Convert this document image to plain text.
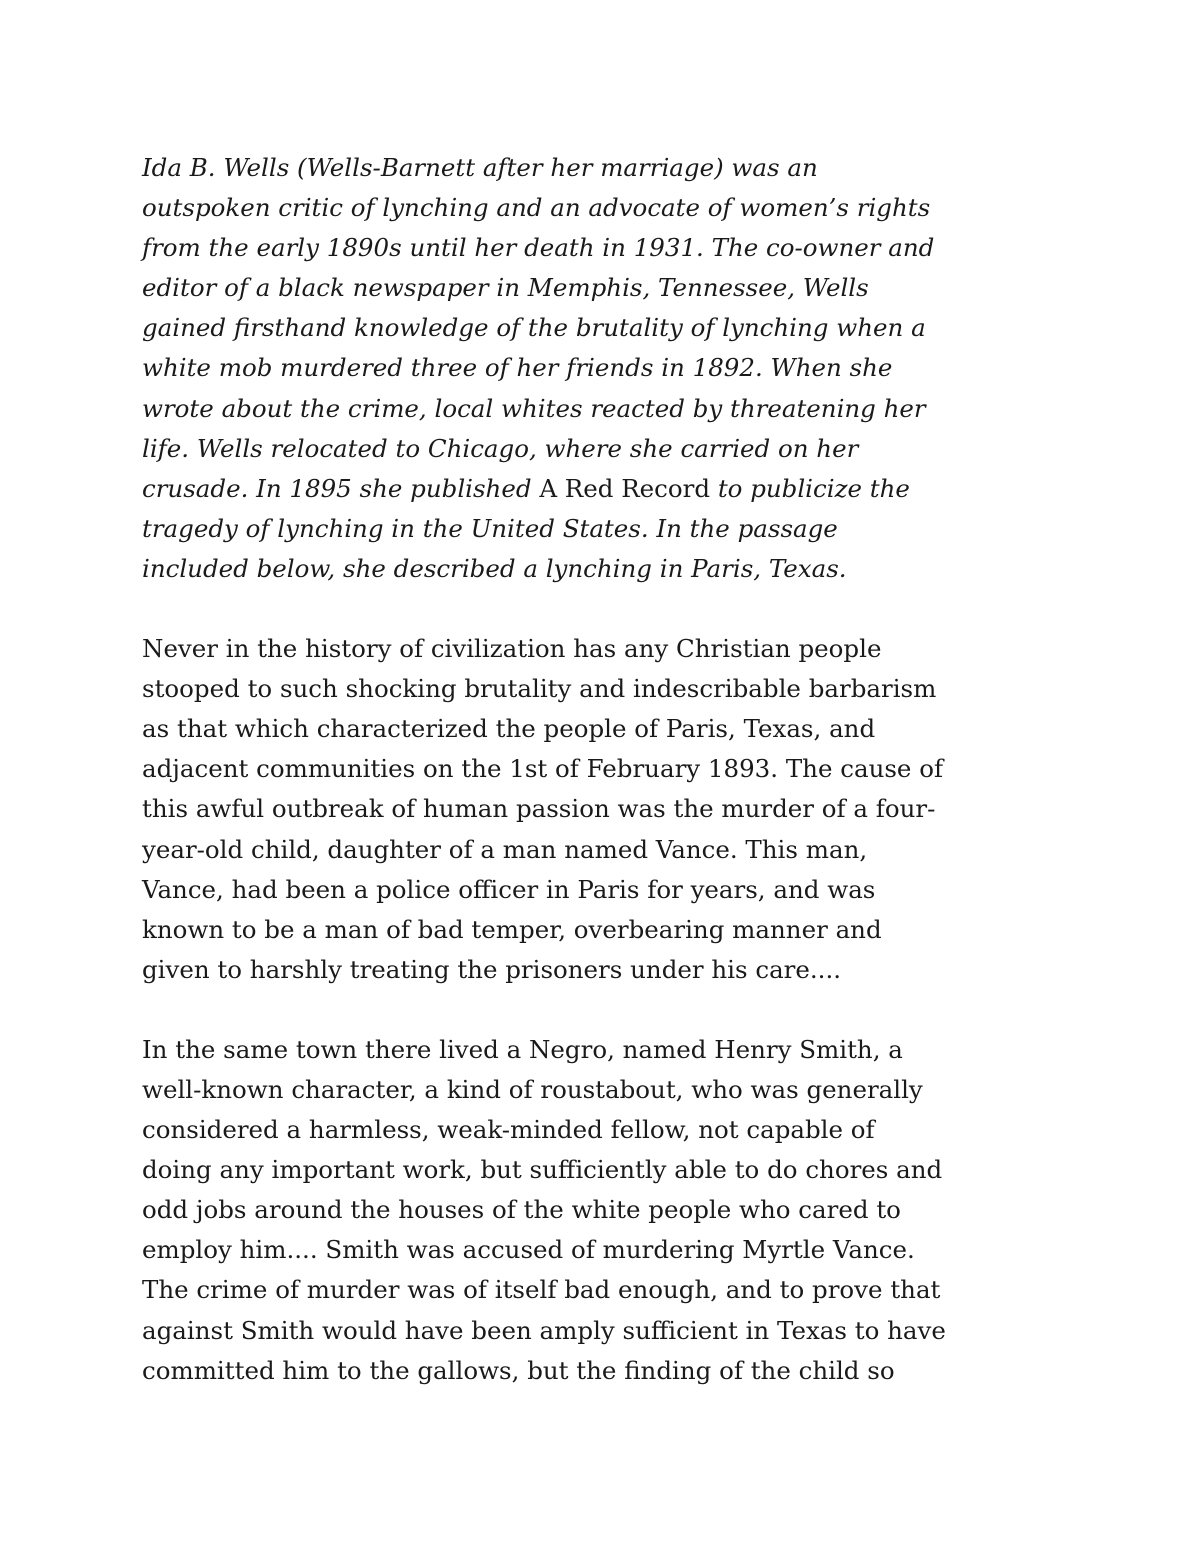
Ida B. Wells (Wells-Barnett after her marriage) was an
outspoken critic of lynching and an advocate of women’s rights
from the early 1890s until her death in 1931. The co-owner and
editor of a black newspaper in Memphis, Tennessee, Wells
gained firsthand knowledge of the brutality of lynching when a
white mob murdered three of her friends in 1892. When she
wrote about the crime, local whites reacted by threatening her
life. Wells relocated to Chicago, where she carried on her
crusade. In 1895 she published A Red Record to publicize the
tragedy of lynching in the United States. In the passage
included below, she described a lynching in Paris, Texas.

Never in the history of civilization has any Christian people
stooped to such shocking brutality and indescribable barbarism
as that which characterized the people of Paris, Texas, and
adjacent communities on the 1st of February 1893. The cause of
this awful outbreak of human passion was the murder of a four-
year-old child, daughter of a man named Vance. This man,
Vance, had been a police officer in Paris for years, and was
known to be a man of bad temper, overbearing manner and
given to harshly treating the prisoners under his care....

In the same town there lived a Negro, named Henry Smith, a
well-known character, a kind of roustabout, who was generally
considered a harmless, weak-minded fellow, not capable of
doing any important work, but sufficiently able to do chores and
odd jobs around the houses of the white people who cared to
employ him.... Smith was accused of murdering Myrtle Vance.
The crime of murder was of itself bad enough, and to prove that
against Smith would have been amply sufficient in Texas to have
committed him to the gallows, but the finding of the child so
